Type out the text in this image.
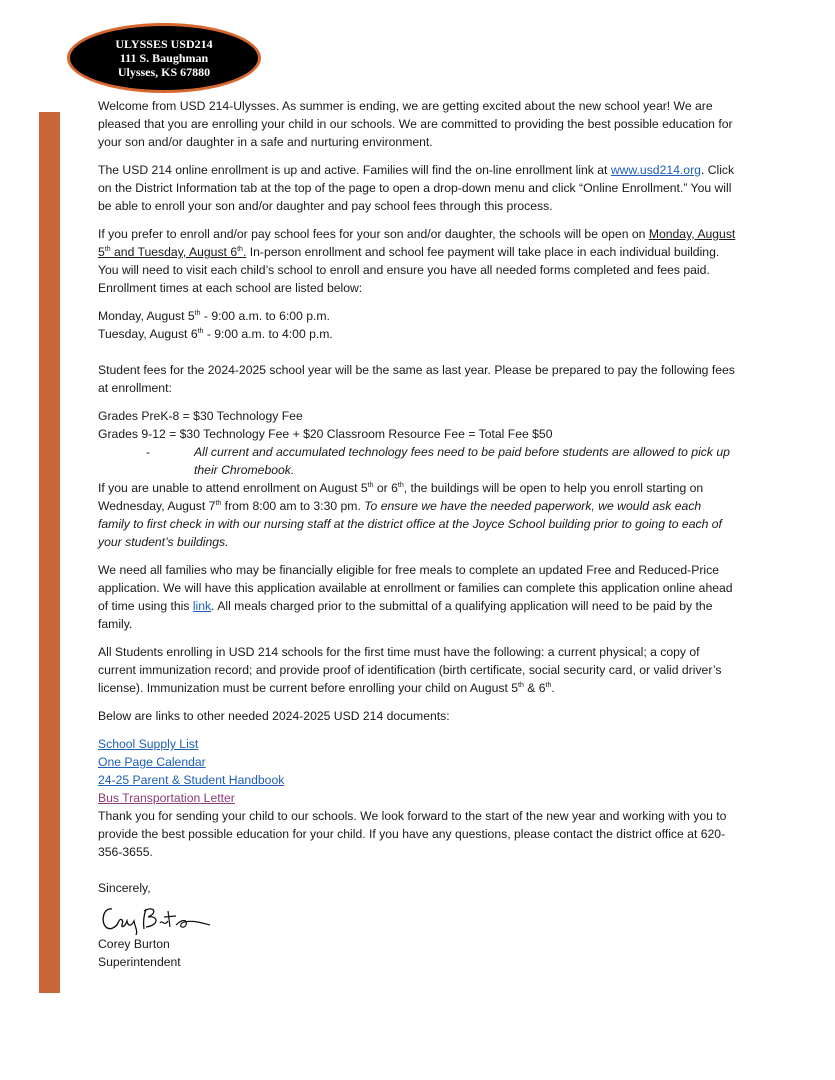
ULYSSES USD214
111 S. Baughman
Ulysses, KS 67880

Welcome from USD 214-Ulysses. As summer is ending, we are getting excited about the new school year! We are pleased that you are enrolling your child in our schools. We are committed to providing the best possible education for your son and/or daughter in a safe and nurturing environment.

The USD 214 online enrollment is up and active. Families will find the on-line enrollment link at www.usd214.org. Click on the District Information tab at the top of the page to open a drop-down menu and click “Online Enrollment.” You will be able to enroll your son and/or daughter and pay school fees through this process.

If you prefer to enroll and/or pay school fees for your son and/or daughter, the schools will be open on Monday, August 5th and Tuesday, August 6th. In-person enrollment and school fee payment will take place in each individual building. You will need to visit each child’s school to enroll and ensure you have all needed forms completed and fees paid. Enrollment times at each school are listed below:

Monday, August 5th - 9:00 a.m. to 6:00 p.m.

Tuesday, August 6th - 9:00 a.m. to 4:00 p.m.

Student fees for the 2024-2025 school year will be the same as last year. Please be prepared to pay the following fees at enrollment:

Grades PreK-8 = $30 Technology Fee

Grades 9-12 = $30 Technology Fee + $20 Classroom Resource Fee = Total Fee $50

-	All current and accumulated technology fees need to be paid before students are allowed to pick up their Chromebook.

If you are unable to attend enrollment on August 5th or 6th, the buildings will be open to help you enroll starting on Wednesday, August 7th from 8:00 am to 3:30 pm. To ensure we have the needed paperwork, we would ask each family to first check in with our nursing staff at the district office at the Joyce School building prior to going to each of your student’s buildings.

We need all families who may be financially eligible for free meals to complete an updated Free and Reduced-Price application. We will have this application available at enrollment or families can complete this application online ahead of time using this link. All meals charged prior to the submittal of a qualifying application will need to be paid by the family.

All Students enrolling in USD 214 schools for the first time must have the following: a current physical; a copy of current immunization record; and provide proof of identification (birth certificate, social security card, or valid driver’s license). Immunization must be current before enrolling your child on August 5th & 6th.

Below are links to other needed 2024-2025 USD 214 documents:

School Supply List

One Page Calendar

24-25 Parent & Student Handbook

Bus Transportation Letter

Thank you for sending your child to our schools. We look forward to the start of the new year and working with you to provide the best possible education for your child. If you have any questions, please contact the district office at 620-356-3655.

Sincerely,

Corey Burton

Superintendent
